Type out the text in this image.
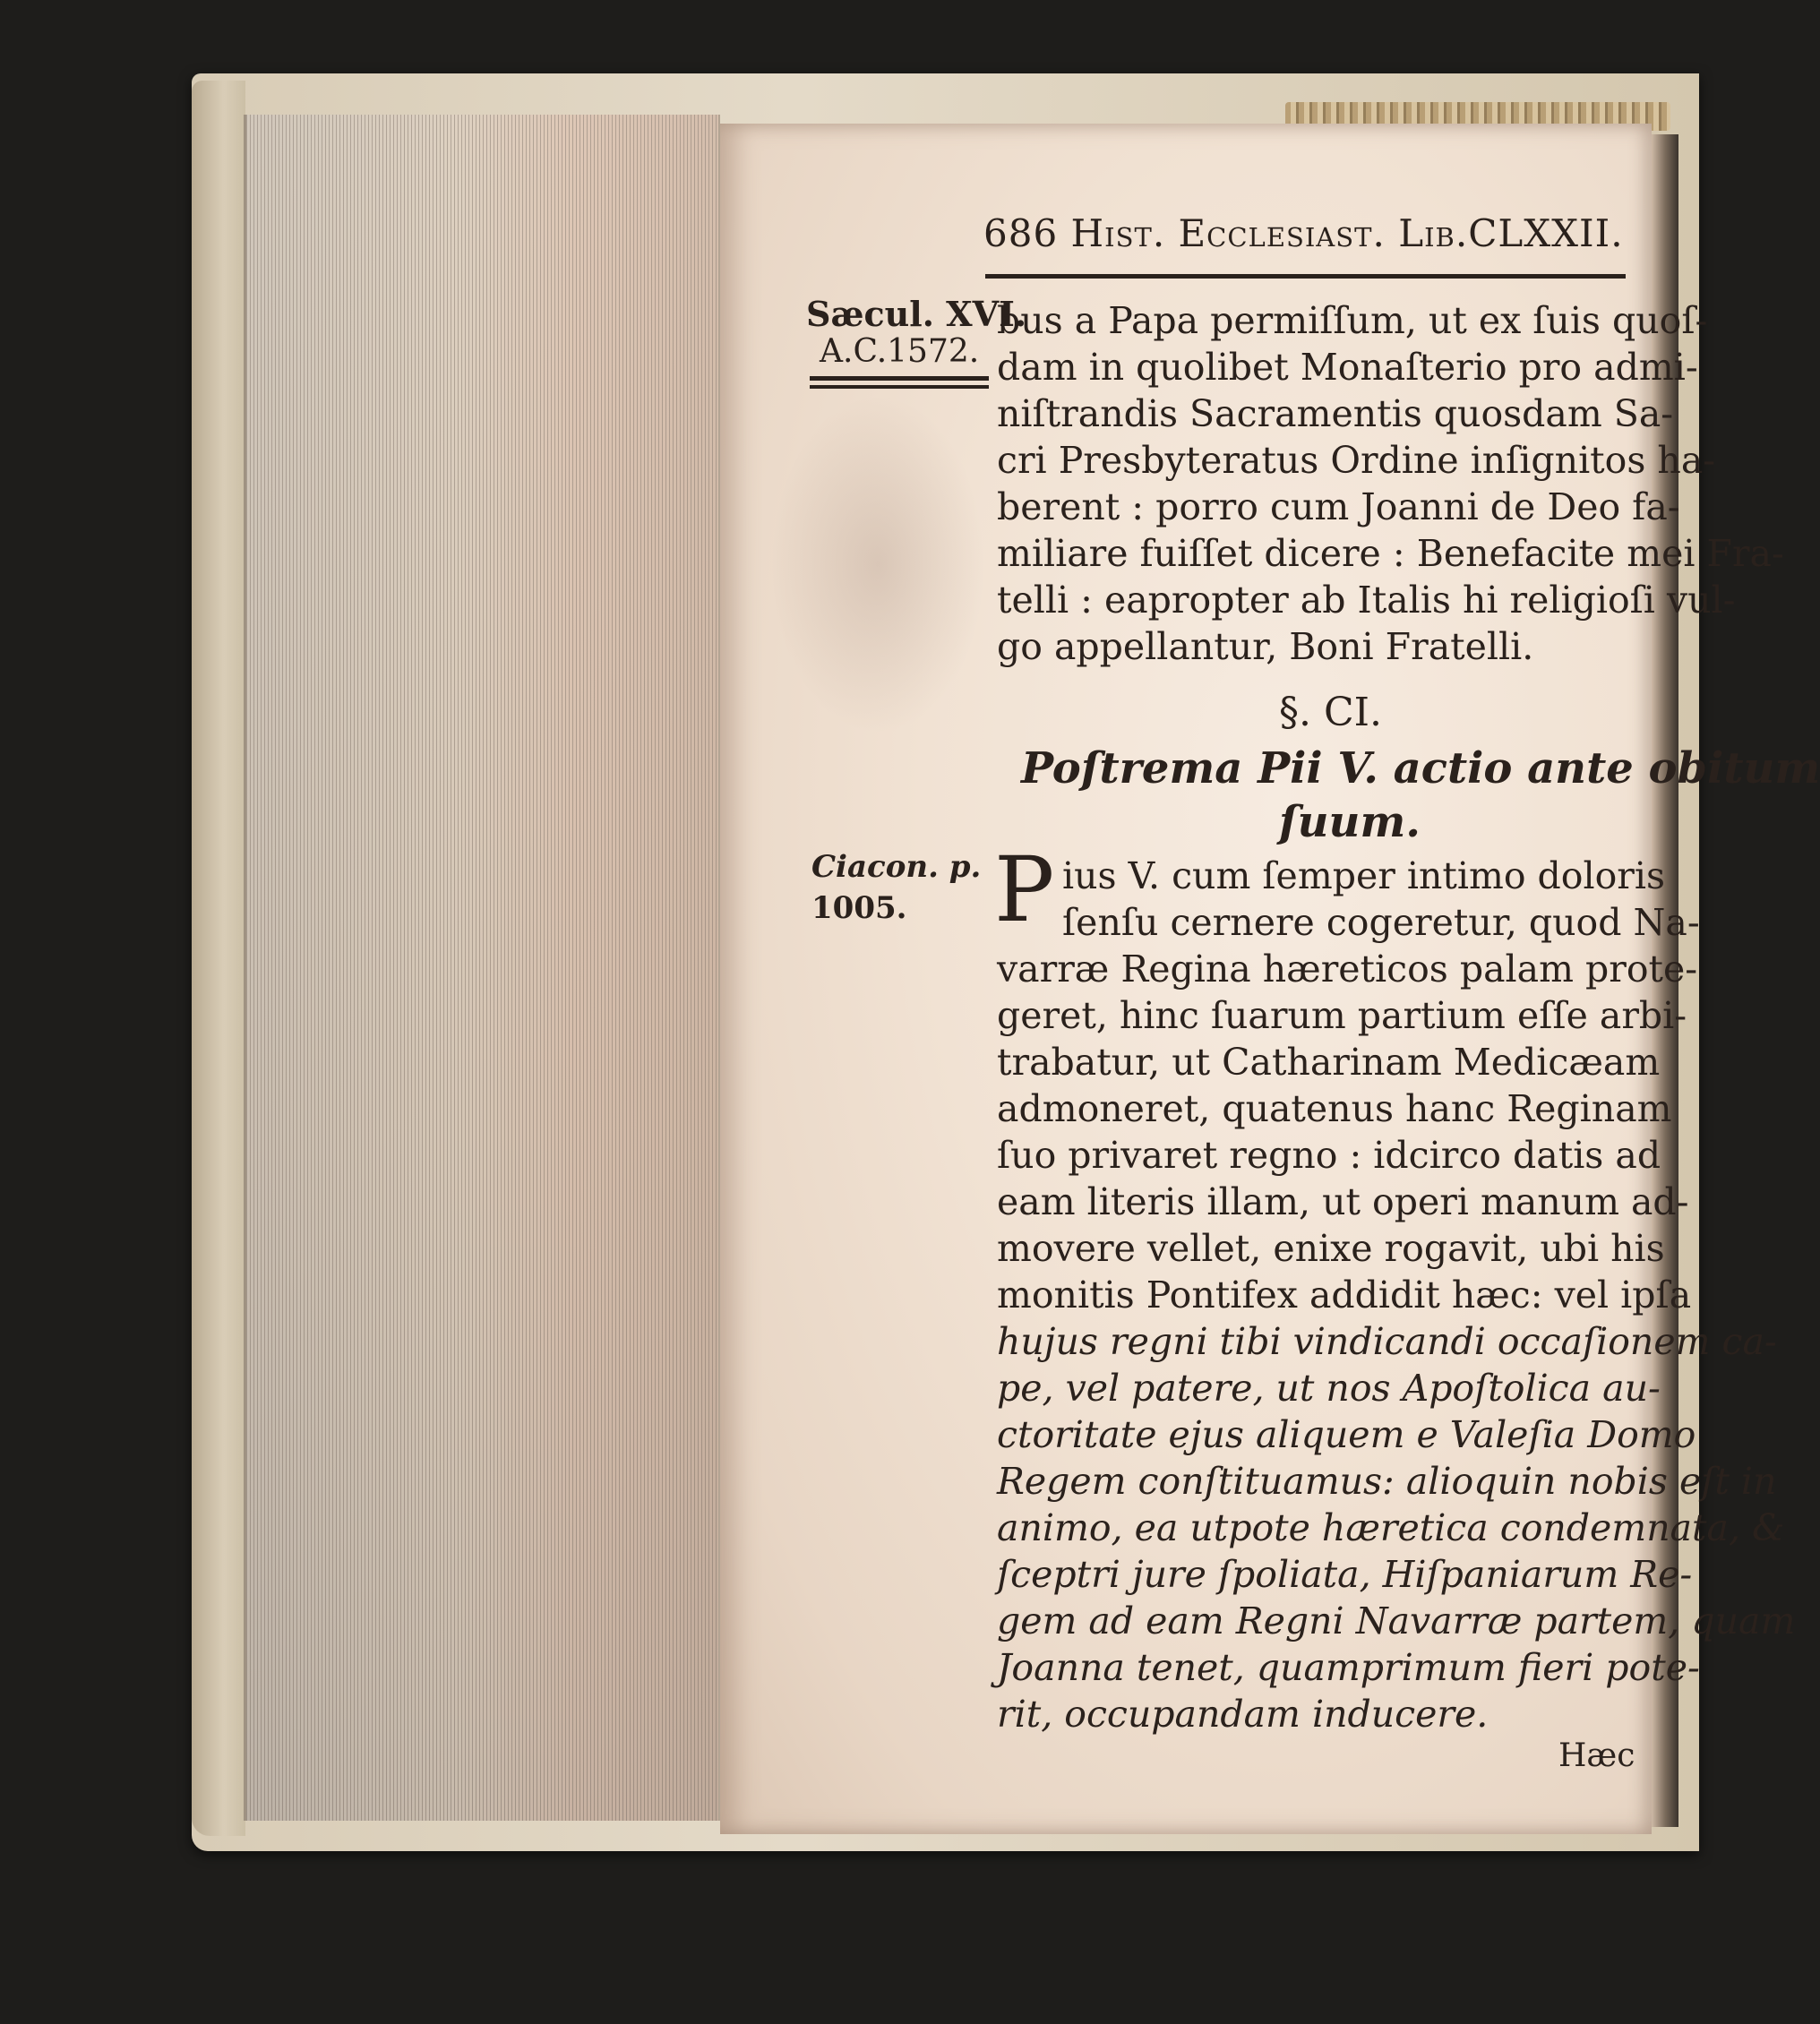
686 Hist. Ecclesiast. Lib.CLXXII.
Sæcul. XVI.
A.C.1572.
bus a Papa permiſſum, ut ex ſuis quoſ-
dam in quolibet Monaſterio pro admi-
niſtrandis Sacramentis quosdam Sa-
cri Presbyteratus Ordine inſignitos ha-
berent : porro cum Joanni de Deo fa-
miliare fuiſſet dicere : Benefacite mei Fra-
telli : eapropter ab Italis hi religioſi vul-
go appellantur, Boni Fratelli.
§. CI.
Poſtrema Pii V. actio ante obitum
ſuum.
Ciacon. p.
1005. P ius V. cum ſemper intimo doloris
ſenſu cernere cogeretur, quod Na-
varræ Regina hæreticos palam prote-
geret, hinc ſuarum partium eſſe arbi-
trabatur, ut Catharinam Medicæam
admoneret, quatenus hanc Reginam
ſuo privaret regno : idcirco datis ad
eam literis illam, ut operi manum ad-
movere vellet, enixe rogavit, ubi his
monitis Pontifex addidit hæc: vel ipſa
hujus regni tibi vindicandi occaſionem ca-
pe, vel patere, ut nos Apoſtolica au-
ctoritate ejus aliquem e Valeſia Domo
Regem conſtituamus: alioquin nobis eſt in
animo, ea utpote hæretica condemnata, &
ſceptri jure ſpoliata, Hiſpaniarum Re-
gem ad eam Regni Navarræ partem, quam
Joanna tenet, quamprimum fieri pote-
rit, occupandam inducere.
Hæc
